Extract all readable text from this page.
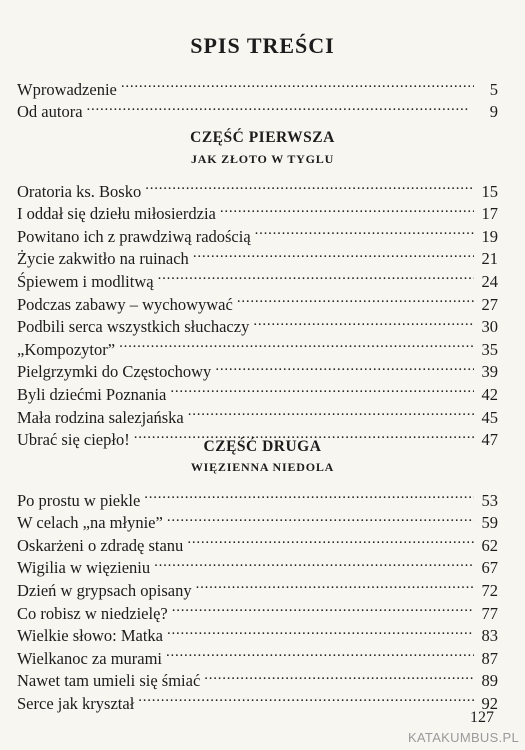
SPIS TREŚCI
Wprowadzenie . . .	5
Od autora . . .	9
CZĘŚĆ PIERWSZA
JAK ZŁOTO W TYGLU
Oratoria ks. Bosko . . .	15
I oddał się dziełu miłosierdzia . . .	17
Powitano ich z prawdziwą radością . . .	19
Życie zakwitło na ruinach . . .	21
Śpiewem i modlitwą . . .	24
Podczas zabawy – wychowywać . . .	27
Podbili serca wszystkich słuchaczy . . .	30
„Kompozytor” . . .	35
Pielgrzymki do Częstochowy . . .	39
Byli dziećmi Poznania . . .	42
Mała rodzina salezjańska . . .	45
Ubrać się ciepło! . . .	47
CZĘŚĆ DRUGA
WIĘZIENNA NIEDOLA
Po prostu w piekle . . .	53
W celach „na młynie” . . .	59
Oskarżeni o zdradę stanu . . .	62
Wigilia w więzieniu . . .	67
Dzień w grypsach opisany . . .	72
Co robisz w niedzielę? . . .	77
Wielkie słowo: Matka . . .	83
Wielkanoc za murami . . .	87
Nawet tam umieli się śmiać . . .	89
Serce jak kryształ . . .	92
127
KATAKUMBUS.PL
